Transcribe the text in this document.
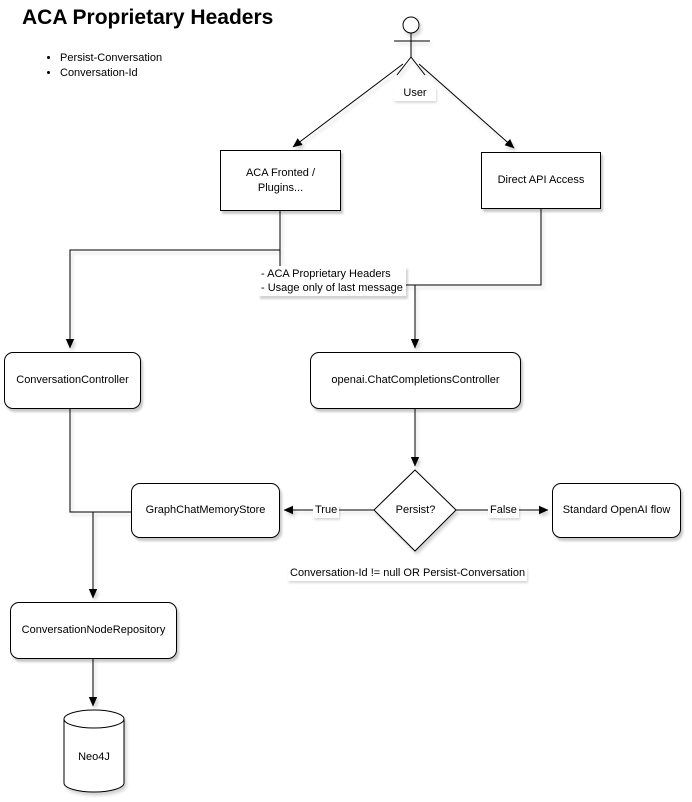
ACA Proprietary Headers
• Persist-Conversation
• Conversation-Id
User
ACA Fronted /
Plugins...
Direct API Access
ConversationController	openai.ChatCompletionsController
GraphChatMemoryStore	Standard OpenAI flow
ConversationNodeRepository
Persist?
Neo4J
True	False
- ACA Proprietary Headers
- Usage only of last message
Conversation-Id != null OR Persist-Conversation
